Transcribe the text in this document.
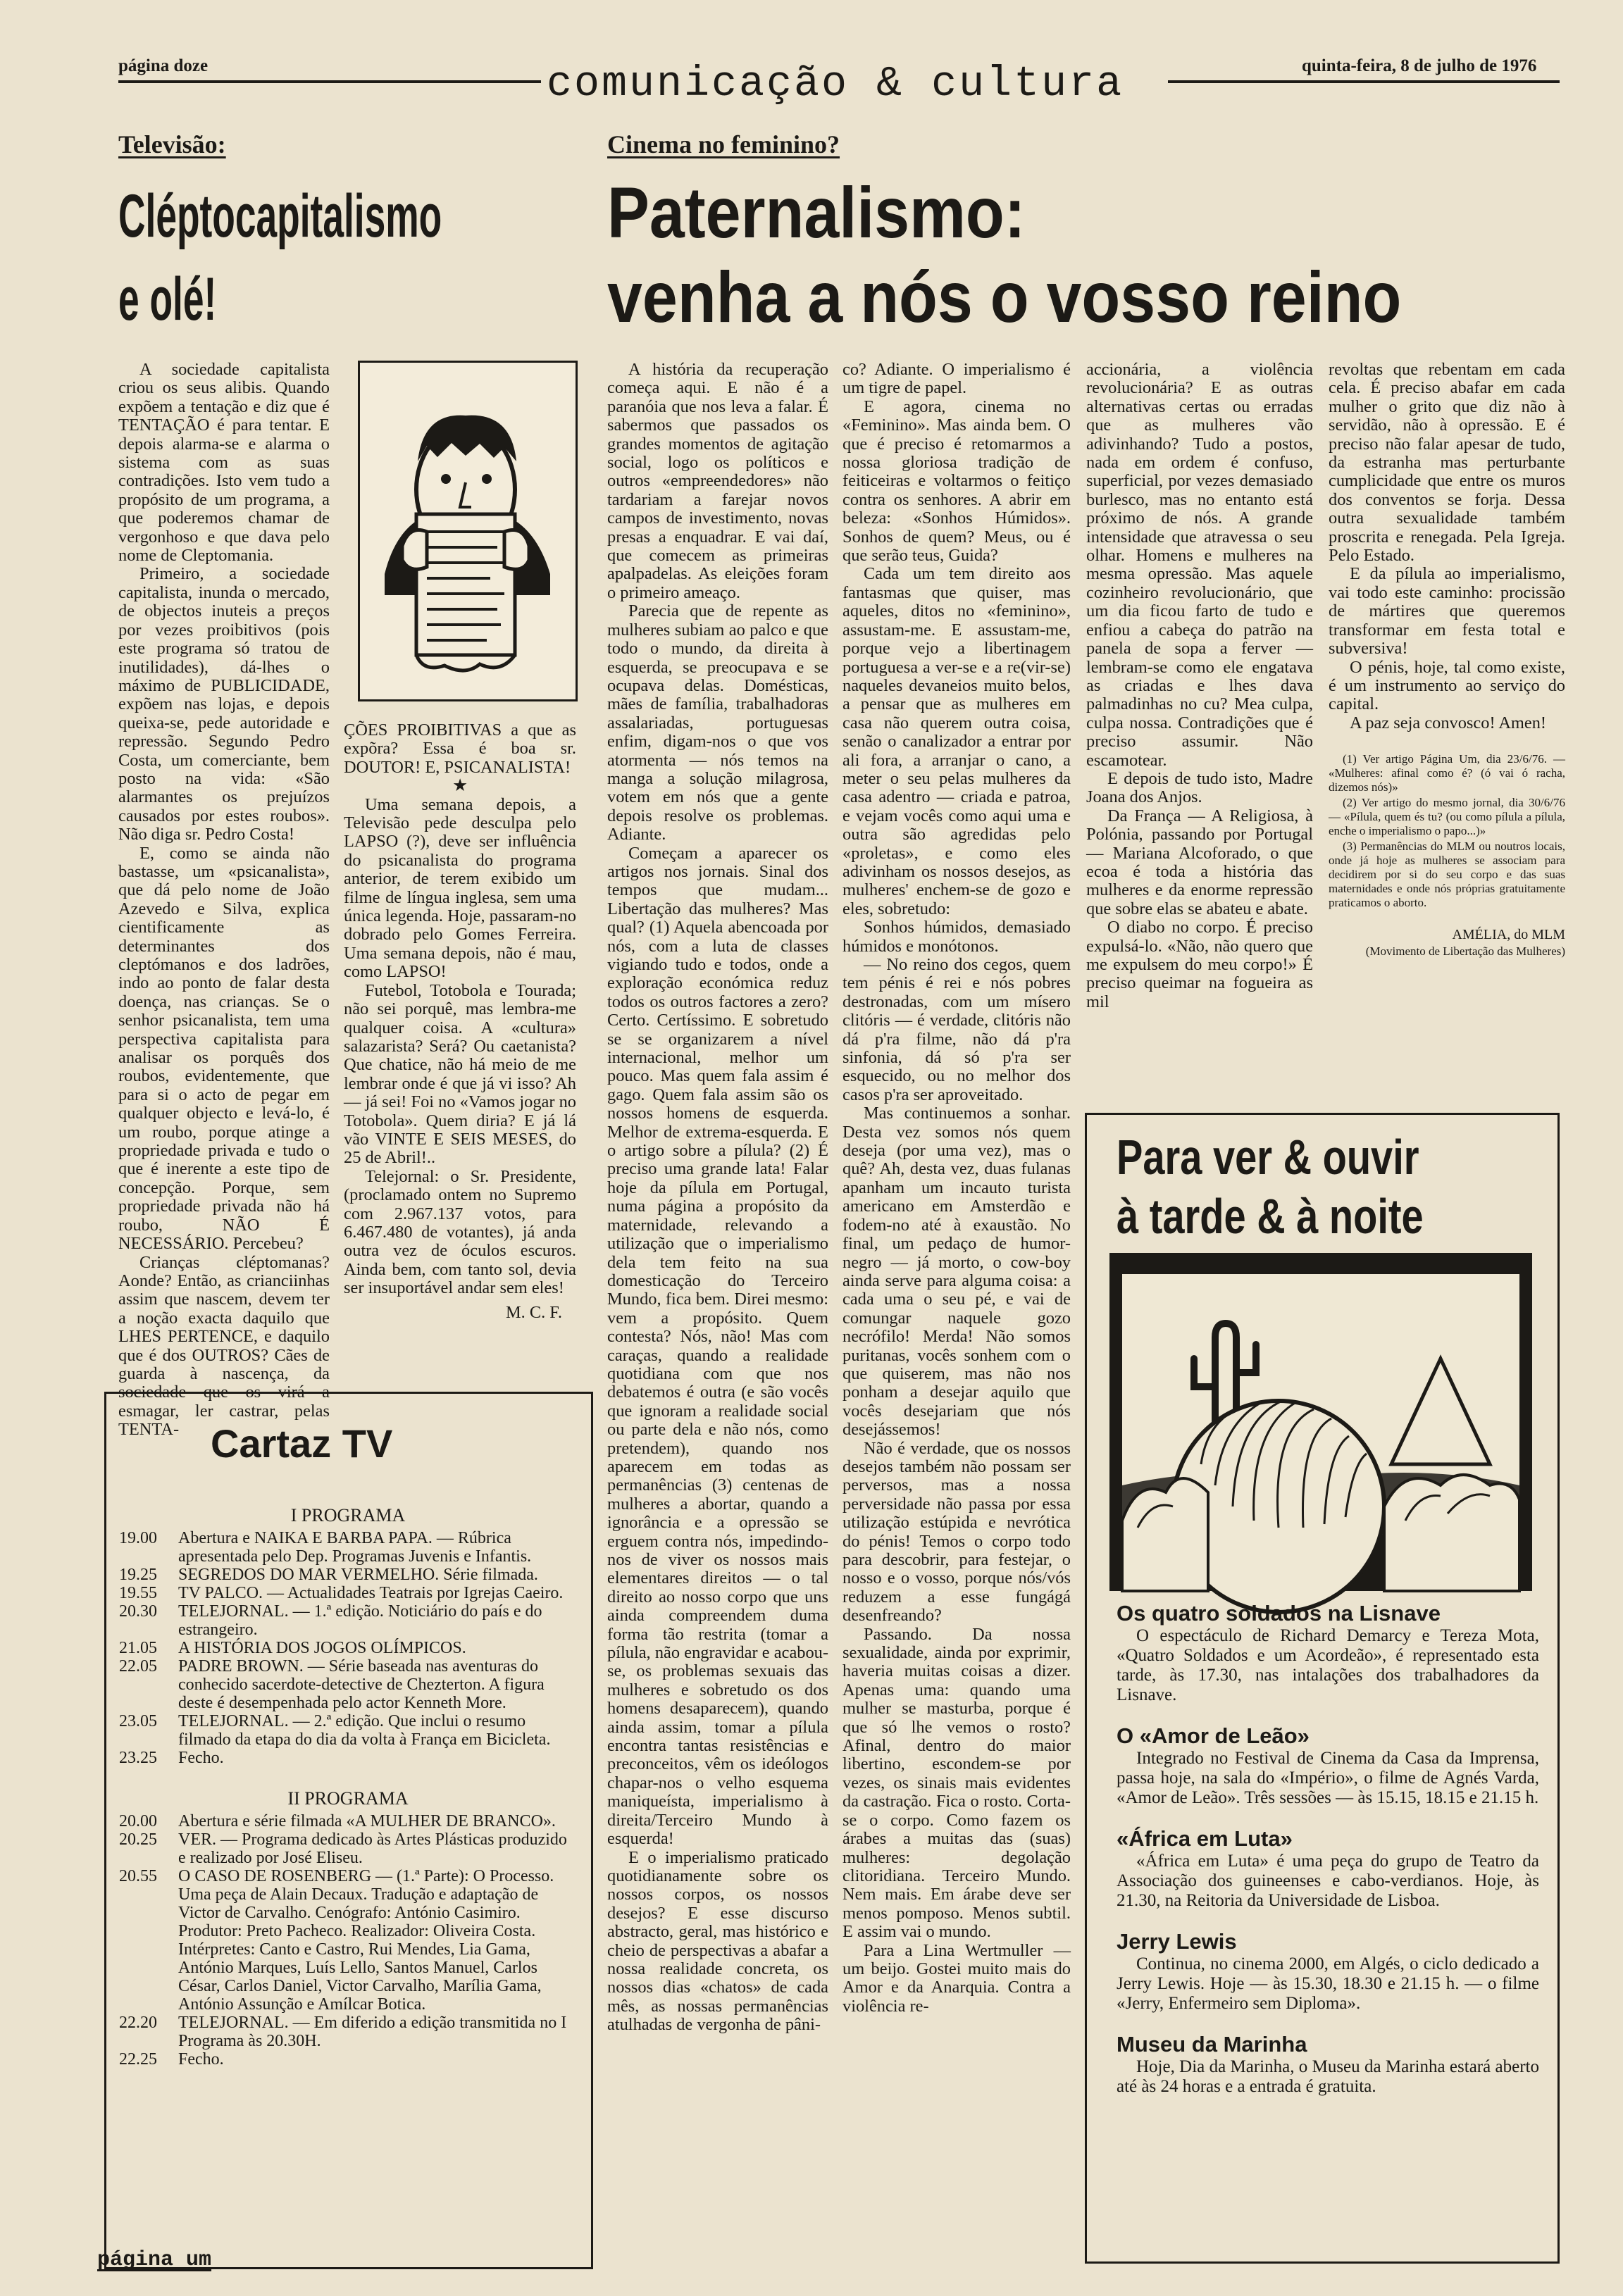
página doze	quinta-feira, 8 de julho de 1976
comunicação & cultura
Televisão:
Cléptocapitalismo
e olé!
Cinema no feminino?
Paternalismo:
venha a nós o vosso reino

A sociedade capitalista criou os seus alibis. Quando expõem a tentação e diz que é TENTAÇÃO é para tentar. E depois alarma-se e alarma o sistema com as suas contradições. Isto vem tudo a propósito de um programa, a que poderemos chamar de vergonhoso e que dava pelo nome de Cleptomania.

Primeiro, a sociedade capitalista, inunda o mercado, de objectos inuteis a preços por vezes proibitivos (pois este programa só tratou de inutilidades), dá-lhes o máximo de PUBLICIDADE, expõem nas lojas, e depois queixa-se, pede autoridade e repressão. Segundo Pedro Costa, um comerciante, bem posto na vida: «São alarmantes os prejuízos causados por estes roubos». Não diga sr. Pedro Costa!

E, como se ainda não bastasse, um «psicanalista», que dá pelo nome de João Azevedo e Silva, explica cientificamente as determinantes dos cleptómanos e dos ladrões, indo ao ponto de falar desta doença, nas crianças. Se o senhor psicanalista, tem uma perspectiva capitalista para analisar os porquês dos roubos, evidentemente, que para si o acto de pegar em qualquer objecto e levá-lo, é um roubo, porque atinge a propriedade privada e tudo o que é inerente a este tipo de concepção. Porque, sem propriedade privada não há roubo, NÃO É NECESSÁRIO. Percebeu?

Crianças cléptomanas? Aonde? Então, as crianciinhas assim que nascem, devem ter a noção exacta daquilo que LHES PERTENCE, e daquilo que é dos OUTROS? Cães de guarda à nascença, da sociedade que os virá a esmagar, ler castrar, pelas TENTA-

ÇÕES PROIBITIVAS a que as expõra? Essa é boa sr. DOUTOR! E, PSICANALISTA!

★

Uma semana depois, a Televisão pede desculpa pelo LAPSO (?), deve ser influência do psicanalista do programa anterior, de terem exibido um filme de língua inglesa, sem uma única legenda. Hoje, passaram-no dobrado pelo Gomes Ferreira. Uma semana depois, não é mau, como LAPSO!

Futebol, Totobola e Tourada; não sei porquê, mas lembra-me qualquer coisa. A «cultura» salazarista? Será? Ou caetanista? Que chatice, não há meio de me lembrar onde é que já vi isso? Ah — já sei! Foi no «Vamos jogar no Totobola». Quem diria? E já lá vão VINTE E SEIS MESES, do 25 de Abril!..

Telejornal: o Sr. Presidente, (proclamado ontem no Supremo com 2.967.137 votos, para 6.467.480 de votantes), já anda outra vez de óculos escuros. Ainda bem, com tanto sol, devia ser insuportável andar sem eles!

M. C. F.

Cartaz TV
I PROGRAMA
19.00	Abertura e NAIKA E BARBA PAPA. — Rúbrica apresentada pelo Dep. Programas Juvenis e Infantis.
19.25	SEGREDOS DO MAR VERMELHO. Série filmada.
19.55	TV PALCO. — Actualidades Teatrais por Igrejas Caeiro.
20.30	TELEJORNAL. — 1.ª edição. Noticiário do país e do estrangeiro.
21.05	A HISTÓRIA DOS JOGOS OLÍMPICOS.
22.05	PADRE BROWN. — Série baseada nas aventuras do conhecido sacerdote-detective de Chezterton. A figura deste é desempenhada pelo actor Kenneth More.
23.05	TELEJORNAL. — 2.ª edição. Que inclui o resumo filmado da etapa do dia da volta à França em Bicicleta.
23.25	Fecho.
II PROGRAMA
20.00	Abertura e série filmada «A MULHER DE BRANCO».
20.25	VER. — Programa dedicado às Artes Plásticas produzido e realizado por José Eliseu.
20.55	O CASO DE ROSENBERG — (1.ª Parte): O Processo. Uma peça de Alain Decaux. Tradução e adaptação de Victor de Carvalho. Cenógrafo: António Casimiro. Produtor: Preto Pacheco. Realizador: Oliveira Costa. Intérpretes: Canto e Castro, Rui Mendes, Lia Gama, António Marques, Luís Lello, Santos Manuel, Carlos César, Carlos Daniel, Victor Carvalho, Marília Gama, António Assunção e Amílcar Botica.
22.20	TELEJORNAL. — Em diferido a edição transmitida no I Programa às 20.30H.
22.25	Fecho.

A história da recuperação começa aqui. E não é a paranóia que nos leva a falar. É sabermos que passados os grandes momentos de agitação social, logo os políticos e outros «empreendedores» não tardariam a farejar novos campos de investimento, novas presas a enquadrar. E vai daí, que comecem as primeiras apalpadelas. As eleições foram o primeiro ameaço.

Parecia que de repente as mulheres subiam ao palco e que todo o mundo, da direita à esquerda, se preocupava e se ocupava delas. Domésticas, mães de família, trabalhadoras assalariadas, portuguesas enfim, digam-nos o que vos atormenta — nós temos na manga a solução milagrosa, votem em nós que a gente depois resolve os problemas. Adiante.

Começam a aparecer os artigos nos jornais. Sinal dos tempos que mudam... Libertação das mulheres? Mas qual? (1) Aquela abencoada por nós, com a luta de classes vigiando tudo e todos, onde a exploração económica reduz todos os outros factores a zero? Certo. Certíssimo. E sobretudo se se organizarem a nível internacional, melhor um pouco. Mas quem fala assim é gago. Quem fala assim são os nossos homens de esquerda. Melhor de extrema-esquerda. E o artigo sobre a pílula? (2) É preciso uma grande lata! Falar hoje da pílula em Portugal, numa página a propósito da maternidade, relevando a utilização que o imperialismo dela tem feito na sua domesticação do Terceiro Mundo, fica bem. Direi mesmo: vem a propósito. Quem contesta? Nós, não! Mas com caraças, quando a realidade quotidiana com que nos debatemos é outra (e são vocês que ignoram a realidade social ou parte dela e não nós, como pretendem), quando nos aparecem em todas as permanências (3) centenas de mulheres a abortar, quando a ignorância e a opressão se erguem contra nós, impedindo-nos de viver os nossos mais elementares direitos — o tal direito ao nosso corpo que uns ainda compreendem duma forma tão restrita (tomar a pílula, não engravidar e acabou-se, os problemas sexuais das mulheres e sobretudo os dos homens desaparecem), quando ainda assim, tomar a pílula encontra tantas resistências e preconceitos, vêm os ideólogos chapar-nos o velho esquema maniqueísta, imperialismo à direita/Terceiro Mundo à esquerda!

E o imperialismo praticado quotidianamente sobre os nossos corpos, os nossos desejos? E esse discurso abstracto, geral, mas histórico e cheio de perspectivas a abafar a nossa realidade concreta, os nossos dias «chatos» de cada mês, as nossas permanências atulhadas de vergonha de pâni-

co? Adiante. O imperialismo é um tigre de papel.

E agora, cinema no «Feminino». Mas ainda bem. O que é preciso é retomarmos a nossa gloriosa tradição de feiticeiras e voltarmos o feitiço contra os senhores. A abrir em beleza: «Sonhos Húmidos». Sonhos de quem? Meus, ou é que serão teus, Guida?

Cada um tem direito aos fantasmas que quiser, mas aqueles, ditos no «feminino», assustam-me. E assustam-me, porque vejo a libertinagem portuguesa a ver-se e a re(vir-se) naqueles devaneios muito belos, a pensar que as mulheres em casa não querem outra coisa, senão o canalizador a entrar por ali fora, a arranjar o cano, a meter o seu pelas mulheres da casa adentro — criada e patroa, e vejam vocês como aqui uma e outra são agredidas pelo «proletas», e como eles adivinham os nossos desejos, as mulheres' enchem-se de gozo e eles, sobretudo:

Sonhos húmidos, demasiado húmidos e monótonos.

— No reino dos cegos, quem tem pénis é rei e nós pobres destronadas, com um mísero clitóris — é verdade, clitóris não dá p'ra filme, não dá p'ra sinfonia, dá só p'ra ser esquecido, ou no melhor dos casos p'ra ser aproveitado.

Mas continuemos a sonhar. Desta vez somos nós quem deseja (por uma vez), mas o quê? Ah, desta vez, duas fulanas apanham um incauto turista americano em Amsterdão e fodem-no até à exaustão. No final, um pedaço de humor-negro — já morto, o cow-boy ainda serve para alguma coisa: a cada uma o seu pé, e vai de comungar naquele gozo necrófilo! Merda! Não somos puritanas, vocês sonhem com o que quiserem, mas não nos ponham a desejar aquilo que vocês desejariam que nós desejássemos!

Não é verdade, que os nossos desejos também não possam ser perversos, mas a nossa perversidade não passa por essa utilização estúpida e nevrótica do pénis! Temos o corpo todo para descobrir, para festejar, o nosso e o vosso, porque nós/vós reduzem a esse fungágá desenfreando?

Passando. Da nossa sexualidade, ainda por exprimir, haveria muitas coisas a dizer. Apenas uma: quando uma mulher se masturba, porque é que só lhe vemos o rosto? Afinal, dentro do maior libertino, escondem-se por vezes, os sinais mais evidentes da castração. Fica o rosto. Corta-se o corpo. Como fazem os árabes a muitas das (suas) mulheres: degolação clitoridiana. Terceiro Mundo. Nem mais. Em árabe deve ser menos pomposo. Menos subtil. E assim vai o mundo.

Para a Lina Wertmuller — um beijo. Gostei muito mais do Amor e da Anarquia. Contra a violência re-

accionária, a violência revolucionária? E as outras alternativas certas ou erradas que as mulheres vão adivinhando? Tudo a postos, nada em ordem é confuso, superficial, por vezes demasiado burlesco, mas no entanto está próximo de nós. A grande intensidade que atravessa o seu olhar. Homens e mulheres na mesma opressão. Mas aquele cozinheiro revolucionário, que um dia ficou farto de tudo e enfiou a cabeça do patrão na panela de sopa a ferver — lembram-se como ele engatava as criadas e lhes dava palmadinhas no cu? Mea culpa, culpa nossa. Contradições que é preciso assumir. Não escamotear.

E depois de tudo isto, Madre Joana dos Anjos.

Da França — A Religiosa, à Polónia, passando por Portugal — Mariana Alcoforado, o que ecoa é toda a história das mulheres e da enorme repressão que sobre elas se abateu e abate.

O diabo no corpo. É preciso expulsá-lo. «Não, não quero que me expulsem do meu corpo!» É preciso queimar na fogueira as mil

revoltas que rebentam em cada cela. É preciso abafar em cada mulher o grito que diz não à servidão, não à opressão. E é preciso não falar apesar de tudo, da estranha mas perturbante cumplicidade que entre os muros dos conventos se forja. Dessa outra sexualidade também proscrita e renegada. Pela Igreja. Pelo Estado.

E da pílula ao imperialismo, vai todo este caminho: procissão de mártires que queremos transformar em festa total e subversiva!

O pénis, hoje, tal como existe, é um instrumento ao serviço do capital.

A paz seja convosco! Amen!

(1) Ver artigo Página Um, dia 23/6/76. — «Mulheres: afinal como é? (ó vai ó racha, dizemos nós)»

(2) Ver artigo do mesmo jornal, dia 30/6/76 — «Pílula, quem és tu? (ou como pílula a pílula, enche o imperialismo o papo...)»

(3) Permanências do MLM ou noutros locais, onde já hoje as mulheres se associam para decidirem por si do seu corpo e das suas maternidades e onde nós próprias gratuitamente praticamos o aborto.

AMÉLIA, do MLM
(Movimento de Libertação das Mulheres)
Para ver & ouvir
à tarde & à noite
Os quatro soldados na Lisnave
O espectáculo de Richard Demarcy e Tereza Mota, «Quatro Soldados e um Acordeão», é representado esta tarde, às 17.30, nas intalações dos trabalhadores da Lisnave.
O «Amor de Leão»
Integrado no Festival de Cinema da Casa da Imprensa, passa hoje, na sala do «Império», o filme de Agnés Varda, «Amor de Leão». Três sessões — às 15.15, 18.15 e 21.15 h.
«África em Luta»
«África em Luta» é uma peça do grupo de Teatro da Associação dos guineenses e cabo-verdianos. Hoje, às 21.30, na Reitoria da Universidade de Lisboa.
Jerry Lewis
Continua, no cinema 2000, em Algés, o ciclo dedicado a Jerry Lewis. Hoje — às 15.30, 18.30 e 21.15 h. — o filme «Jerry, Enfermeiro sem Diploma».
Museu da Marinha
Hoje, Dia da Marinha, o Museu da Marinha estará aberto até às 24 horas e a entrada é gratuita.
página um
